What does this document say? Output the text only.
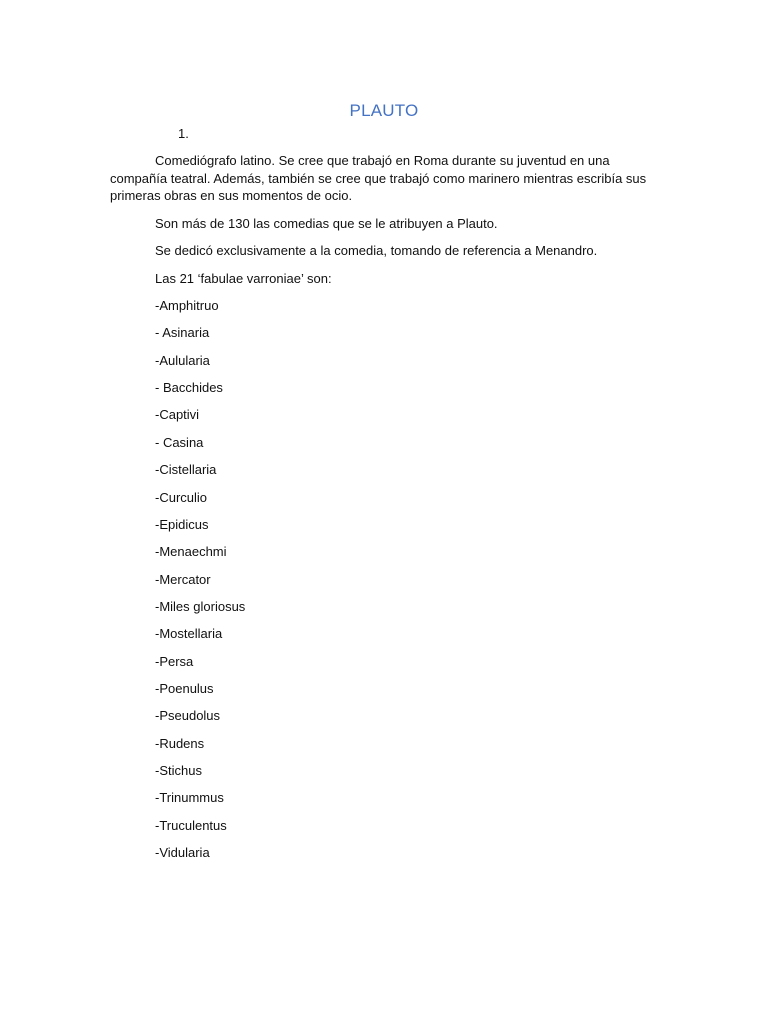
PLAUTO
1.

Comediógrafo latino. Se cree que trabajó en Roma durante su juventud en una compañía teatral. Además, también se cree que trabajó como marinero mientras escribía sus primeras obras en sus momentos de ocio.

Son más de 130 las comedias que se le atribuyen a Plauto.
Se dedicó exclusivamente a la comedia, tomando de referencia a Menandro.
Las 21 ‘fabulae varroniae’ son:
-Amphitruo
- Asinaria
-Aulularia
- Bacchides
-Captivi
- Casina
-Cistellaria
-Curculio
-Epidicus
-Menaechmi
-Mercator
-Miles gloriosus
-Mostellaria
-Persa
-Poenulus
-Pseudolus
-Rudens
-Stichus
-Trinummus
-Truculentus
-Vidularia
